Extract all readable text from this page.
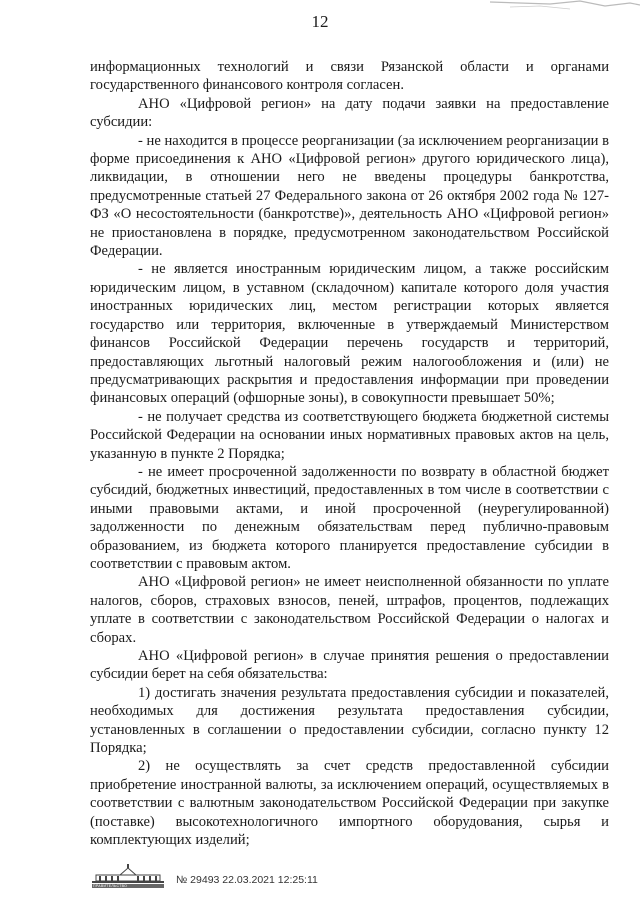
12

информационных технологий и связи Рязанской области и органами государственного финансового контроля согласен.

АНО «Цифровой регион» на дату подачи заявки на предоставление субсидии:

- не находится в процессе реорганизации (за исключением реорганизации в форме присоединения к АНО «Цифровой регион» другого юридического лица), ликвидации, в отношении него не введены процедуры банкротства, предусмотренные статьей 27 Федерального закона от 26 октября 2002 года № 127-ФЗ «О несостоятельности (банкротстве)», деятельность АНО «Цифровой регион» не приостановлена в порядке, предусмотренном законодательством Российской Федерации.

- не является иностранным юридическим лицом, а также российским юридическим лицом, в уставном (складочном) капитале которого доля участия иностранных юридических лиц, местом регистрации которых является государство или территория, включенные в утверждаемый Министерством финансов Российской Федерации перечень государств и территорий, предоставляющих льготный налоговый режим налогообложения и (или) не предусматривающих раскрытия и предоставления информации при проведении финансовых операций (офшорные зоны), в совокупности превышает 50%;

- не получает средства из соответствующего бюджета бюджетной системы Российской Федерации на основании иных нормативных правовых актов на цель, указанную в пункте 2 Порядка;

- не имеет просроченной задолженности по возврату в областной бюджет субсидий, бюджетных инвестиций, предоставленных в том числе в соответствии с иными правовыми актами, и иной просроченной (неурегулированной) задолженности по денежным обязательствам перед публично-правовым образованием, из бюджета которого планируется предоставление субсидии в соответствии с правовым актом.

АНО «Цифровой регион» не имеет неисполненной обязанности по уплате налогов, сборов, страховых взносов, пеней, штрафов, процентов, подлежащих уплате в соответствии с законодательством Российской Федерации о налогах и сборах.

АНО «Цифровой регион» в случае принятия решения о предоставлении субсидии берет на себя обязательства:

1) достигать значения результата предоставления субсидии и показателей, необходимых для достижения результата предоставления субсидии, установленных в соглашении о предоставлении субсидии, согласно пункту 12 Порядка;

2) не осуществлять за счет средств предоставленной субсидии приобретение иностранной валюты, за исключением операций, осуществляемых в соответствии с валютным законодательством Российской Федерации при закупке (поставке) высокотехнологичного импортного оборудования, сырья и комплектующих изделий;

ПРАВИТЕЛЬСТВО	№ 29493 22.03.2021 12:25:11
